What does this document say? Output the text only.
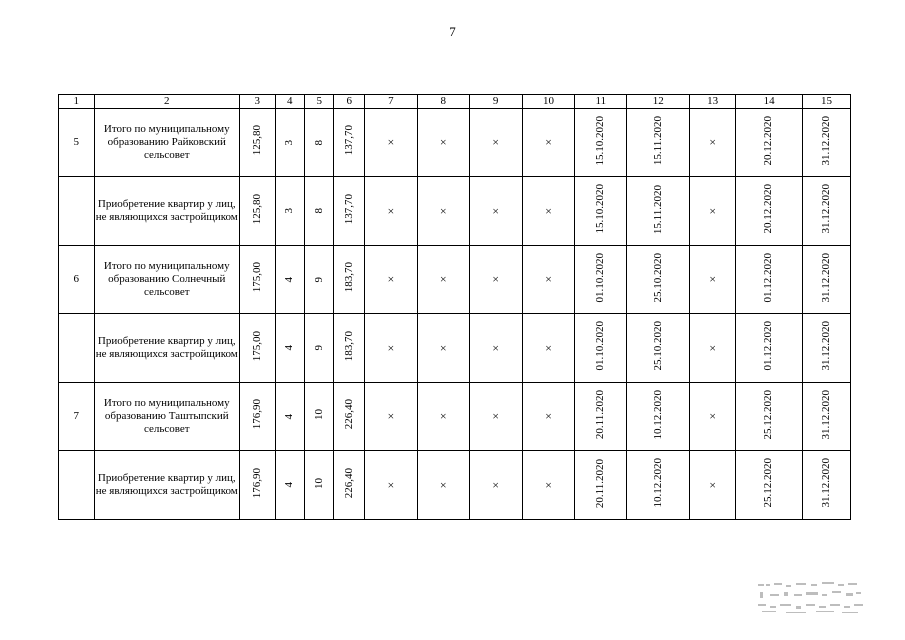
7
1	2	3	4	5	6	7	8	9	10	11	12	13	14	15
5	Итого по муниципальному образованию Райковский сельсовет	125,80	3	8	137,70	×	×	×	×	15.10.2020	15.11.2020	×	20.12.2020	31.12.2020
	Приобретение квартир у лиц, не являющихся застройщиком	125,80	3	8	137,70	×	×	×	×	15.10.2020	15.11.2020	×	20.12.2020	31.12.2020
6	Итого по муниципальному образованию Солнечный сельсовет	175,00	4	9	183,70	×	×	×	×	01.10.2020	25.10.2020	×	01.12.2020	31.12.2020
	Приобретение квартир у лиц, не являющихся застройщиком	175,00	4	9	183,70	×	×	×	×	01.10.2020	25.10.2020	×	01.12.2020	31.12.2020
7	Итого по муниципальному образованию Таштыпский сельсовет	176,90	4	10	226,40	×	×	×	×	20.11.2020	10.12.2020	×	25.12.2020	31.12.2020
	Приобретение квартир у лиц, не являющихся застройщиком	176,90	4	10	226,40	×	×	×	×	20.11.2020	10.12.2020	×	25.12.2020	31.12.2020
